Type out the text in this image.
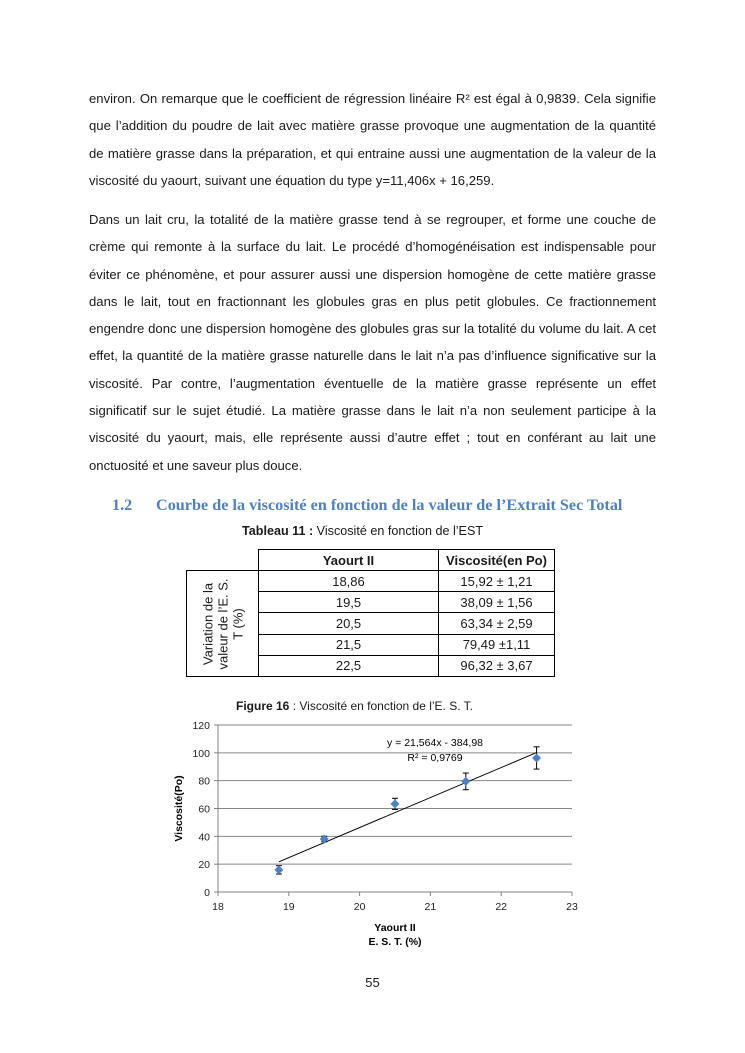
environ. On remarque que le coefficient de régression linéaire R² est égal à 0,9839. Cela signifie que l’addition du poudre de lait avec matière grasse provoque une augmentation de la quantité de matière grasse dans la préparation, et qui entraine aussi une augmentation de la valeur de la viscosité du yaourt, suivant une équation du type y=11,406x + 16,259.

Dans un lait cru, la totalité de la matière grasse tend à se regrouper, et forme une couche de crème qui remonte à la surface du lait. Le procédé d’homogénéisation est indispensable pour éviter ce phénomène, et pour assurer aussi une dispersion homogène de cette matière grasse dans le lait, tout en fractionnant les globules gras en plus petit globules. Ce fractionnement engendre donc une dispersion homogène des globules gras sur la totalité du volume du lait. A cet effet, la quantité de la matière grasse naturelle dans le lait n’a pas d’influence significative sur la viscosité. Par contre, l’augmentation éventuelle de la matière grasse représente un effet significatif sur le sujet étudié. La matière grasse dans le lait n’a non seulement participe à la viscosité du yaourt, mais, elle représente aussi d’autre effet ; tout en conférant au lait une onctuosité et une saveur plus douce.

1.2 Courbe de la viscosité en fonction de la valeur de l’Extrait Sec Total
Tableau 11 : Viscosité en fonction de l’EST
	Yaourt II	Viscosité(en Po)

Variation de la valeur de l’E. S. T (%)	18,86	15,92 ± 1,21
	19,5	38,09 ± 1,56
	20,5	63,34 ± 2,59
	21,5	79,49 ±1,11
	22,5	96,32 ± 3,67
Figure 16 : Viscosité en fonction de l’E. S. T.
0
20
40
60
80
100
120
18	19	20	21	22	23
y = 21,564x - 384,98
R² = 0,9769
Yaourt II
E. S. T. (%)
Viscosité(Po)
55
